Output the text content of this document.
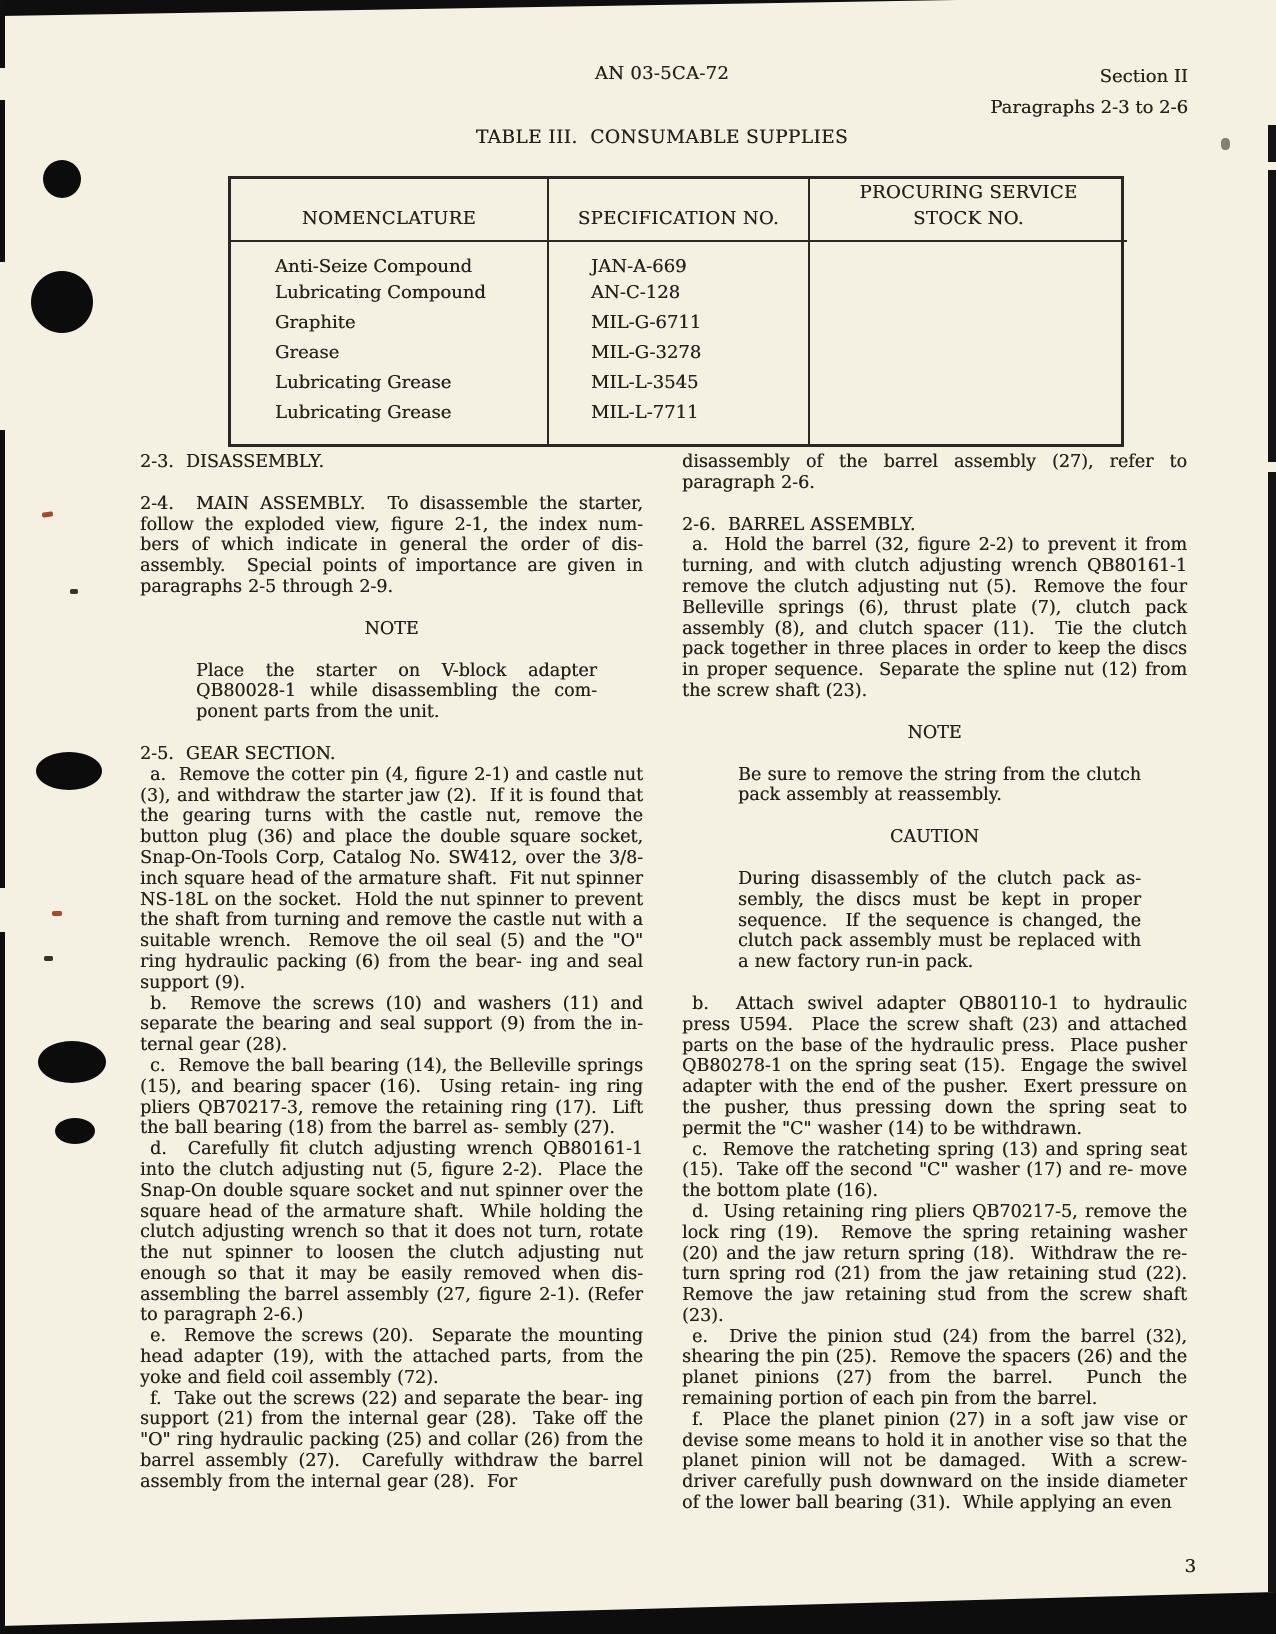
AN 03-5CA-72	Section II
Paragraphs 2-3 to 2-6
TABLE III.  CONSUMABLE SUPPLIES
NOMENCLATURE	SPECIFICATION NO.	PROCURING SERVICE
STOCK NO.

Anti-Seize Compound	JAN-A-669	
Lubricating Compound	AN-C-128	
Graphite	MIL-G-6711	
Grease	MIL-G-3278	
Lubricating Grease	MIL-L-3545	
Lubricating Grease	MIL-L-7711	

2-3.  DISASSEMBLY.
2-4.  MAIN ASSEMBLY.  To disassemble the starter, follow the exploded view, figure 2-1, the index num- bers of which indicate in general the order of dis- assembly.  Special points of importance are given in paragraphs 2-5 through 2-9.
NOTE
Place the starter on V-block adapter QB80028-1 while disassembling the com- ponent parts from the unit.
2-5.  GEAR SECTION.
a.  Remove the cotter pin (4, figure 2-1) and castle nut (3), and withdraw the starter jaw (2).  If it is found that the gearing turns with the castle nut, remove the button plug (36) and place the double square socket, Snap-On-Tools Corp, Catalog No. SW412, over the 3/8-inch square head of the armature shaft.  Fit nut spinner NS-18L on the socket.  Hold the nut spinner to prevent the shaft from turning and remove the castle nut with a suitable wrench.  Remove the oil seal (5) and the "O" ring hydraulic packing (6) from the bear- ing and seal support (9).
b.  Remove the screws (10) and washers (11) and separate the bearing and seal support (9) from the in- ternal gear (28).
c.  Remove the ball bearing (14), the Belleville springs (15), and bearing spacer (16).  Using retain- ing ring pliers QB70217-3, remove the retaining ring (17).  Lift the ball bearing (18) from the barrel as- sembly (27).
d.  Carefully fit clutch adjusting wrench QB80161-1 into the clutch adjusting nut (5, figure 2-2).  Place the Snap-On double square socket and nut spinner over the square head of the armature shaft.  While holding the clutch adjusting wrench so that it does not turn, rotate the nut spinner to loosen the clutch adjusting nut enough so that it may be easily removed when dis- assembling the barrel assembly (27, figure 2-1). (Refer to paragraph 2-6.)
e.  Remove the screws (20).  Separate the mounting head adapter (19), with the attached parts, from the yoke and field coil assembly (72).
f.  Take out the screws (22) and separate the bear- ing support (21) from the internal gear (28).  Take off the "O" ring hydraulic packing (25) and collar (26) from the barrel assembly (27).  Carefully withdraw the barrel assembly from the internal gear (28).  For
disassembly of the barrel assembly (27), refer to paragraph 2-6.
2-6.  BARREL ASSEMBLY.
a.  Hold the barrel (32, figure 2-2) to prevent it from turning, and with clutch adjusting wrench QB80161-1 remove the clutch adjusting nut (5).  Remove the four Belleville springs (6), thrust plate (7), clutch pack assembly (8), and clutch spacer (11).  Tie the clutch pack together in three places in order to keep the discs in proper sequence.  Separate the spline nut (12) from the screw shaft (23).
NOTE
Be sure to remove the string from the clutch pack assembly at reassembly.
CAUTION
During disassembly of the clutch pack as- sembly, the discs must be kept in proper sequence.  If the sequence is changed, the clutch pack assembly must be replaced with a new factory run-in pack.
b.  Attach swivel adapter QB80110-1 to hydraulic press U594.  Place the screw shaft (23) and attached parts on the base of the hydraulic press.  Place pusher QB80278-1 on the spring seat (15).  Engage the swivel adapter with the end of the pusher.  Exert pressure on the pusher, thus pressing down the spring seat to permit the "C" washer (14) to be withdrawn.
c.  Remove the ratcheting spring (13) and spring seat (15).  Take off the second "C" washer (17) and re- move the bottom plate (16).
d.  Using retaining ring pliers QB70217-5, remove the lock ring (19).  Remove the spring retaining washer (20) and the jaw return spring (18).  Withdraw the re- turn spring rod (21) from the jaw retaining stud (22). Remove the jaw retaining stud from the screw shaft (23).
e.  Drive the pinion stud (24) from the barrel (32), shearing the pin (25).  Remove the spacers (26) and the planet pinions (27) from the barrel.  Punch the remaining portion of each pin from the barrel.
f.  Place the planet pinion (27) in a soft jaw vise or devise some means to hold it in another vise so that the planet pinion will not be damaged.  With a screw- driver carefully push downward on the inside diameter of the lower ball bearing (31).  While applying an even
3
